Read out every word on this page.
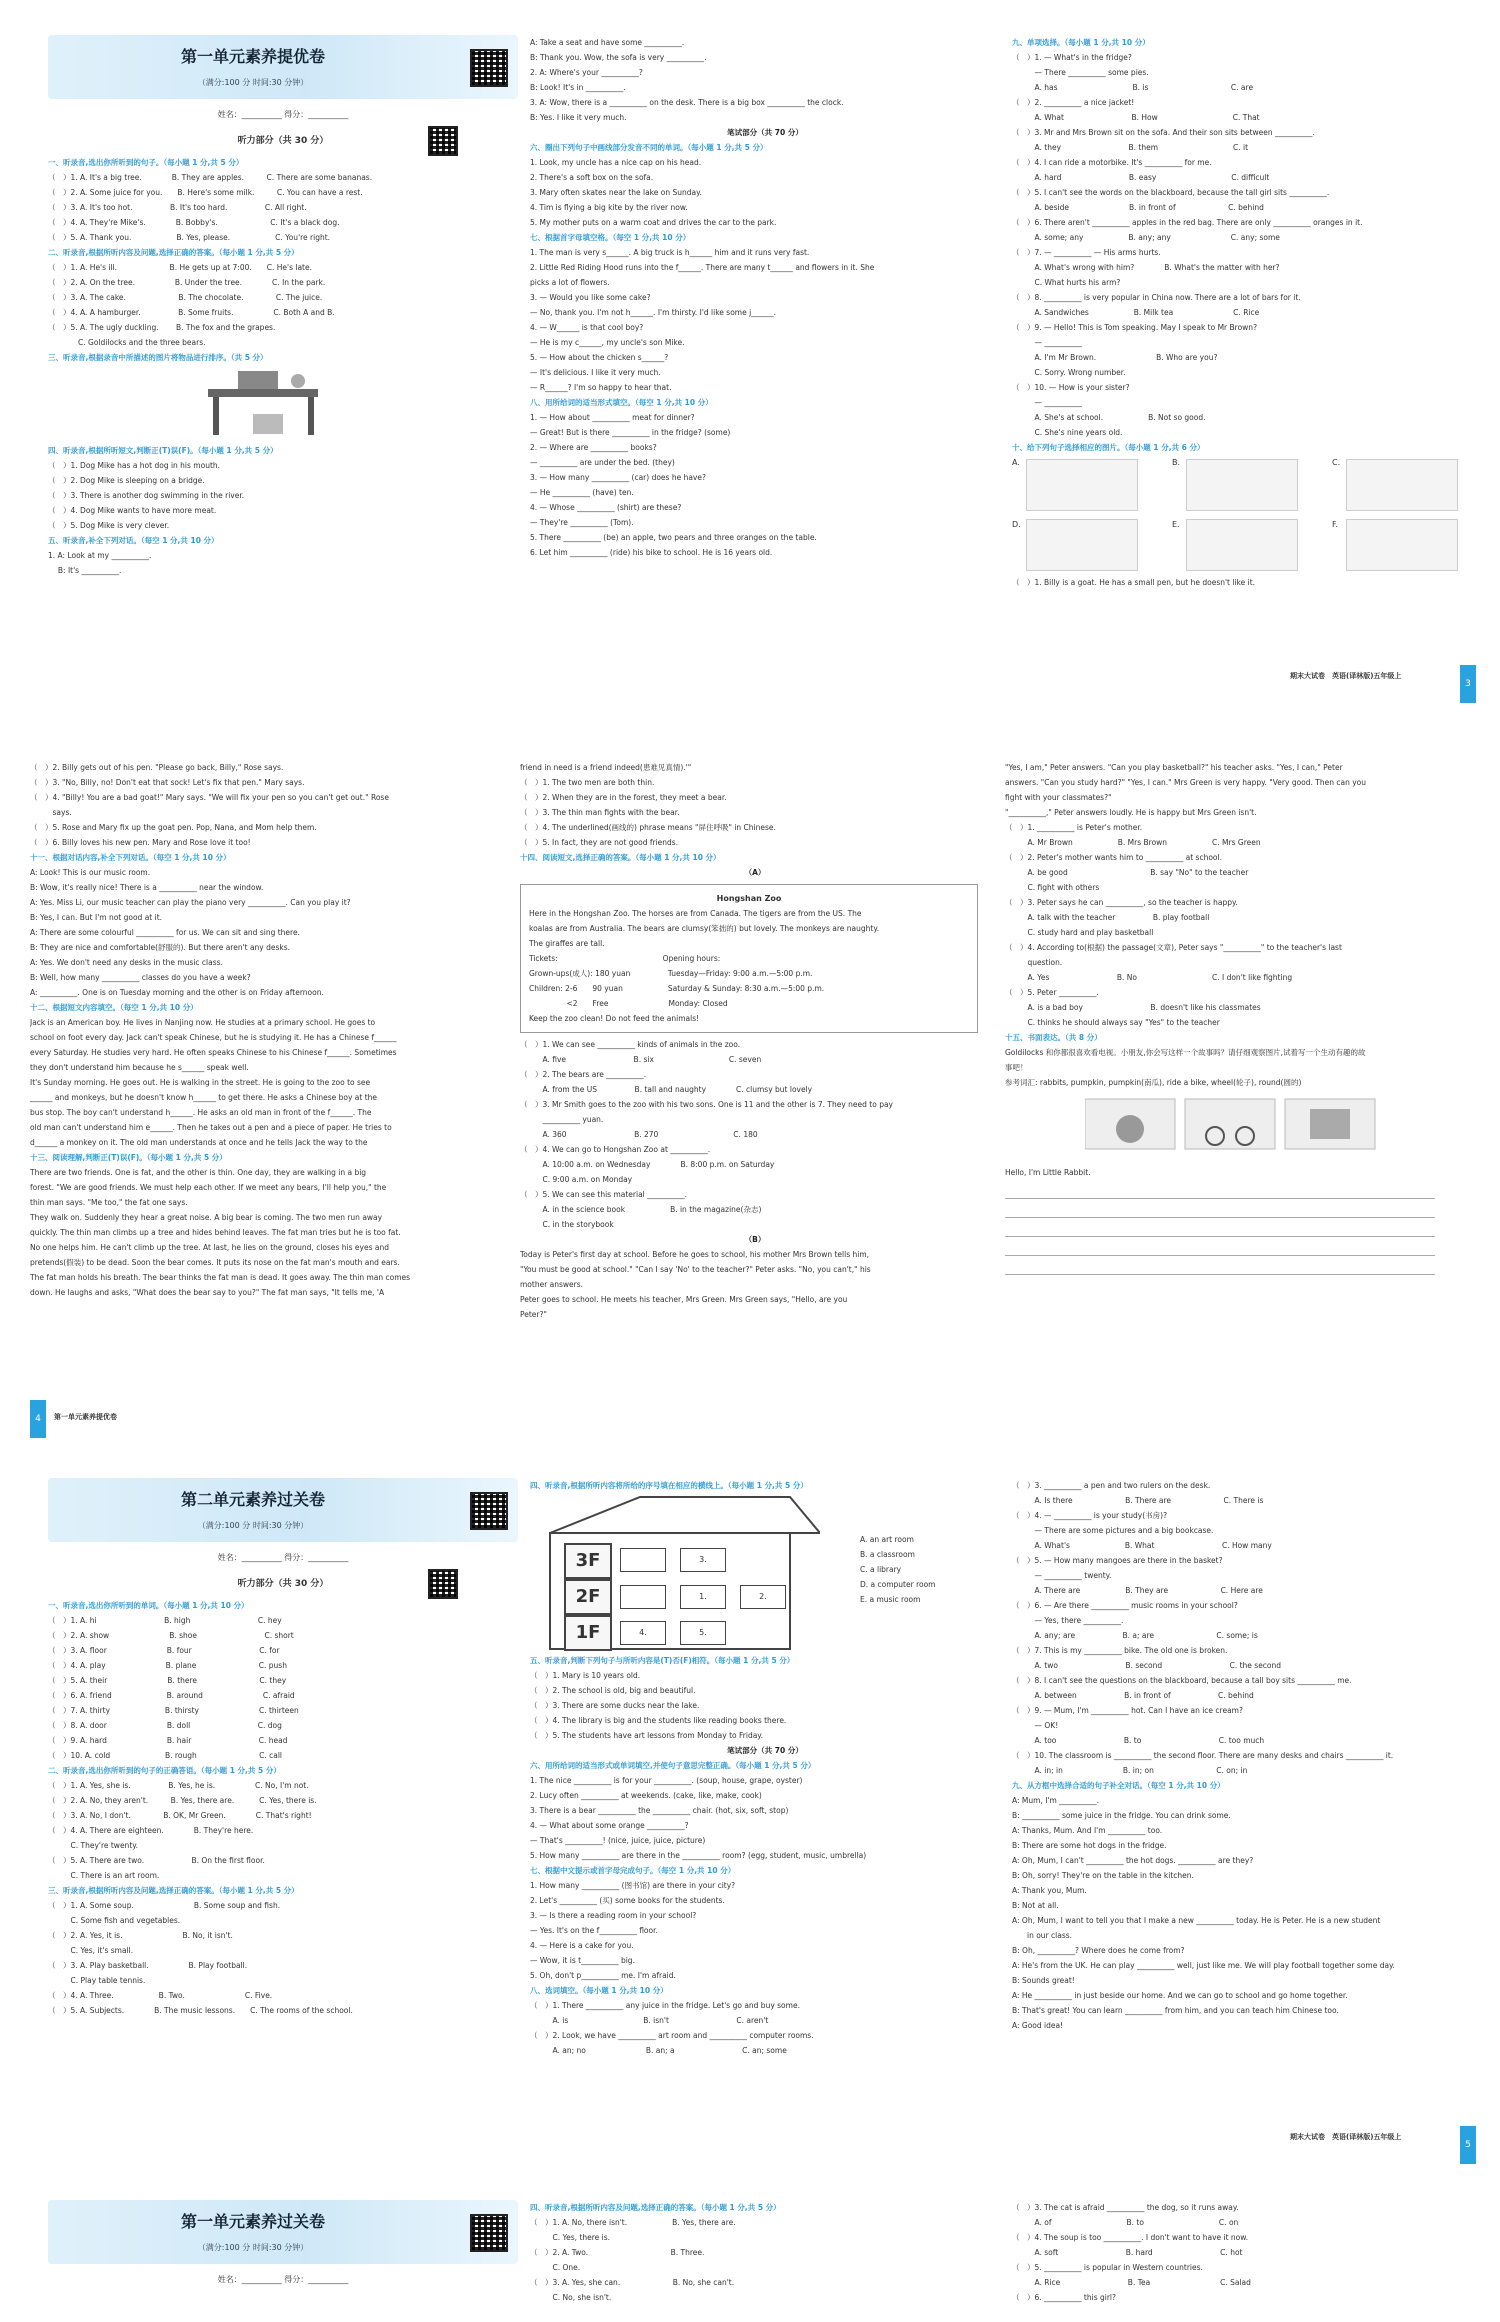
第一单元素养提优卷
（满分:100 分 时间:30 分钟）
姓名：__________ 得分：__________
听力部分（共 30 分）
一、听录音,选出你所听到的句子。（每小题 1 分,共 5 分）
（　）1. A. It's a big tree.　　　　B. They are apples.　　　C. There are some bananas.
（　）2. A. Some juice for you.　　B. Here's some milk.　　　C. You can have a rest.
（　）3. A. It's too hot.　　　　　B. It's too hard.　　　　　C. All right.
（　）4. A. They're Mike's.　　　　B. Bobby's.　　　　　　　C. It's a black dog.
（　）5. A. Thank you.　　　　　　B. Yes, please.　　　　　　C. You're right.
二、听录音,根据所听内容及问题,选择正确的答案。（每小题 1 分,共 5 分）
（　）1. A. He's ill.　　　　　　　B. He gets up at 7:00.　　C. He's late.
（　）2. A. On the tree.　　　　　 B. Under the tree.　　　　C. In the park.
（　）3. A. The cake.　　　　　　　B. The chocolate.　　　　 C. The juice.
（　）4. A. A hamburger.　　　　　B. Some fruits.　　　　　 C. Both A and B.
（　）5. A. The ugly duckling.　　 B. The fox and the grapes.
　　　　C. Goldilocks and the three bears.
三、听录音,根据录音中所描述的图片将物品进行排序。（共 5 分）
四、听录音,根据所听短文,判断正(T)误(F)。（每小题 1 分,共 5 分）
（　）1. Dog Mike has a hot dog in his mouth.
（　）2. Dog Mike is sleeping on a bridge.
（　）3. There is another dog swimming in the river.
（　）4. Dog Mike wants to have more meat.
（　）5. Dog Mike is very clever.
五、听录音,补全下列对话。（每空 1 分,共 10 分）
1. A: Look at my __________.
　 B: It's __________.
A: Take a seat and have some __________.
B: Thank you. Wow, the sofa is very __________.
2. A: Where's your __________?
B: Look! It's in __________.
3. A: Wow, there is a __________ on the desk. There is a big box __________ the clock.
B: Yes. I like it very much.
笔试部分（共 70 分）
六、圈出下列句子中画线部分发音不同的单词。（每小题 1 分,共 5 分）
1. Look, my uncle has a nice cap on his head.
2. There's a soft box on the sofa.
3. Mary often skates near the lake on Sunday.
4. Tim is flying a big kite by the river now.
5. My mother puts on a warm coat and drives the car to the park.
七、根据首字母填空格。（每空 1 分,共 10 分）
1. The man is very s______. A big truck is h______ him and it runs very fast.
2. Little Red Riding Hood runs into the f______. There are many t______ and flowers in it. She
picks a lot of flowers.
3. — Would you like some cake?
— No, thank you. I'm not h______. I'm thirsty. I'd like some j______.
4. — W______ is that cool boy?
— He is my c______, my uncle's son Mike.
5. — How about the chicken s______?
— It's delicious. I like it very much.
— R______? I'm so happy to hear that.
八、用所给词的适当形式填空。（每空 1 分,共 10 分）
1. — How about __________ meat for dinner?
— Great! But is there __________ in the fridge? (some)
2. — Where are __________ books?
— __________ are under the bed. (they)
3. — How many __________ (car) does he have?
— He __________ (have) ten.
4. — Whose __________ (shirt) are these?
— They're __________ (Tom).
5. There __________ (be) an apple, two pears and three oranges on the table.
6. Let him __________ (ride) his bike to school. He is 16 years old.
九、单项选择。（每小题 1 分,共 10 分）
（　）1. — What's in the fridge?
　　　— There __________ some pies.
　　　A. has　　　　　　　　　　B. is　　　　　　　　　　　C. are
（　）2. __________ a nice jacket!
　　　A. What　　　　　　　　　B. How　　　　　　　　　　C. That
（　）3. Mr and Mrs Brown sit on the sofa. And their son sits between __________.
　　　A. they　　　　　　　　　B. them　　　　　　　　　　C. it
（　）4. I can ride a motorbike. It's __________ for me.
　　　A. hard　　　　　　　　　B. easy　　　　　　　　　　C. difficult
（　）5. I can't see the words on the blackboard, because the tall girl sits __________.
　　　A. beside　　　　　　　　B. in front of　　　　　　　C. behind
（　）6. There aren't __________ apples in the red bag. There are only __________ oranges in it.
　　　A. some; any　　　　　　B. any; any　　　　　　　　C. any; some
（　）7. — __________ — His arms hurts.
　　　A. What's wrong with him?　　　　B. What's the matter with her?
　　　C. What hurts his arm?
（　）8. __________ is very popular in China now. There are a lot of bars for it.
　　　A. Sandwiches　　　　　　B. Milk tea　　　　　　　　C. Rice
（　）9. — Hello! This is Tom speaking. May I speak to Mr Brown?
　　　— __________
　　　A. I'm Mr Brown.　　　　　　　　B. Who are you?
　　　C. Sorry. Wrong number.
（　）10. — How is your sister?
　　　— __________
　　　A. She's at school.　　　　　　B. Not so good.
　　　C. She's nine years old.
十、给下列句子选择相应的图片。（每小题 1 分,共 6 分）
A.	B.	C.
D.	E.	F.
（　）1. Billy is a goat. He has a small pen, but he doesn't like it.
期末大试卷　英语(译林版)五年级上
3
（　）2. Billy gets out of his pen. "Please go back, Billy," Rose says.
（　）3. "No, Billy, no! Don't eat that sock! Let's fix that pen." Mary says.
（　）4. "Billy! You are a bad goat!" Mary says. "We will fix your pen so you can't get out." Rose
　　　says.
（　）5. Rose and Mary fix up the goat pen. Pop, Nana, and Mom help them.
（　）6. Billy loves his new pen. Mary and Rose love it too!
十一、根据对话内容,补全下列对话。（每空 1 分,共 10 分）
A: Look! This is our music room.
B: Wow, it's really nice! There is a __________ near the window.
A: Yes. Miss Li, our music teacher can play the piano very __________. Can you play it?
B: Yes, I can. But I'm not good at it.
A: There are some colourful __________ for us. We can sit and sing there.
B: They are nice and comfortable(舒服的). But there aren't any desks.
A: Yes. We don't need any desks in the music class.
B: Well, how many __________ classes do you have a week?
A: __________. One is on Tuesday morning and the other is on Friday afternoon.
十二、根据短文内容填空。（每空 1 分,共 10 分）
Jack is an American boy. He lives in Nanjing now. He studies at a primary school. He goes to
school on foot every day. Jack can't speak Chinese, but he is studying it. He has a Chinese f______
every Saturday. He studies very hard. He often speaks Chinese to his Chinese f______. Sometimes
they don't understand him because he s______ speak well.
It's Sunday morning. He goes out. He is walking in the street. He is going to the zoo to see
______ and monkeys, but he doesn't know h______ to get there. He asks a Chinese boy at the
bus stop. The boy can't understand h______. He asks an old man in front of the f______. The
old man can't understand him e______. Then he takes out a pen and a piece of paper. He tries to
d______ a monkey on it. The old man understands at once and he tells Jack the way to the
十三、阅读理解,判断正(T)误(F)。（每小题 1 分,共 5 分）
There are two friends. One is fat, and the other is thin. One day, they are walking in a big
forest. "We are good friends. We must help each other. If we meet any bears, I'll help you," the
thin man says. "Me too," the fat one says.
They walk on. Suddenly they hear a great noise. A big bear is coming. The two men run away
quickly. The thin man climbs up a tree and hides behind leaves. The fat man tries but he is too fat.
No one helps him. He can't climb up the tree. At last, he lies on the ground, closes his eyes and
pretends(假装) to be dead. Soon the bear comes. It puts its nose on the fat man's mouth and ears.
The fat man holds his breath. The bear thinks the fat man is dead. It goes away. The thin man comes
down. He laughs and asks, "What does the bear say to you?" The fat man says, "It tells me, 'A
4	第一单元素养提优卷
friend in need is a friend indeed(患难见真情).'"
（　）1. The two men are both thin.
（　）2. When they are in the forest, they meet a bear.
（　）3. The thin man fights with the bear.
（　）4. The underlined(画线的) phrase means "屏住呼吸" in Chinese.
（　）5. In fact, they are not good friends.
十四、阅读短文,选择正确的答案。（每小题 1 分,共 10 分）
（A）
Hongshan Zoo
Here in the Hongshan Zoo. The horses are from Canada. The tigers are from the US. The
koalas are from Australia. The bears are clumsy(笨拙的) but lovely. The monkeys are naughty.
The giraffes are tall.
Tickets:　　　　　　　　　　　　　　Opening hours:
Grown-ups(成人): 180 yuan　　　　　Tuesday—Friday: 9:00 a.m.—5:00 p.m.
Children: 2-6　　90 yuan　　　　　　Saturday & Sunday: 8:30 a.m.—5:00 p.m.
　　　　　<2　　Free　　　　　　　　Monday: Closed
Keep the zoo clean! Do not feed the animals!
（　）1. We can see __________ kinds of animals in the zoo.
　　　A. five　　　　　　　　　B. six　　　　　　　　　　C. seven
（　）2. The bears are __________.
　　　A. from the US　　　　　B. tall and naughty　　　　C. clumsy but lovely
（　）3. Mr Smith goes to the zoo with his two sons. One is 11 and the other is 7. They need to pay
　　　__________ yuan.
　　　A. 360　　　　　　　　　B. 270　　　　　　　　　　C. 180
（　）4. We can go to Hongshan Zoo at __________.
　　　A. 10:00 a.m. on Wednesday　　　　B. 8:00 p.m. on Saturday
　　　C. 9:00 a.m. on Monday
（　）5. We can see this material __________.
　　　A. in the science book　　　　　　B. in the magazine(杂志)
　　　C. in the storybook
（B）
Today is Peter's first day at school. Before he goes to school, his mother Mrs Brown tells him,
"You must be good at school." "Can I say 'No' to the teacher?" Peter asks. "No, you can't," his
mother answers.
Peter goes to school. He meets his teacher, Mrs Green. Mrs Green says, "Hello, are you
Peter?"
"Yes, I am," Peter answers. "Can you play basketball?" his teacher asks. "Yes, I can," Peter
answers. "Can you study hard?" "Yes, I can." Mrs Green is very happy. "Very good. Then can you
fight with your classmates?"
"__________," Peter answers loudly. He is happy but Mrs Green isn't.
（　）1. __________ is Peter's mother.
　　　A. Mr Brown　　　　　　B. Mrs Brown　　　　　　C. Mrs Green
（　）2. Peter's mother wants him to __________ at school.
　　　A. be good　　　　　　　　　　　B. say "No" to the teacher
　　　C. fight with others
（　）3. Peter says he can __________, so the teacher is happy.
　　　A. talk with the teacher　　　　　B. play football
　　　C. study hard and play basketball
（　）4. According to(根据) the passage(文章), Peter says "__________" to the teacher's last
　　　question.
　　　A. Yes　　　　　　　　　B. No　　　　　　　　　　C. I don't like fighting
（　）5. Peter __________.
　　　A. is a bad boy　　　　　　　　　B. doesn't like his classmates
　　　C. thinks he should always say "Yes" to the teacher
十五、书面表达。（共 8 分）
Goldilocks 和你都很喜欢看电视。小朋友,你会写这样一个故事吗？请仔细观察图片,试着写一个生动有趣的故
事吧！
参考词汇: rabbits, pumpkin, pumpkin(南瓜), ride a bike, wheel(轮子), round(圆的)
Hello, I'm Little Rabbit.
第二单元素养过关卷
（满分:100 分 时间:30 分钟）
姓名：__________ 得分：__________
听力部分（共 30 分）
一、听录音,选出你所听到的单词。（每小题 1 分,共 10 分）
（　）1. A. hi　　　　　　　　　B. high　　　　　　　　　C. hey
（　）2. A. show　　　　　　　　B. shoe　　　　　　　　　C. short
（　）3. A. floor　　　　　　　　B. four　　　　　　　　　C. for
（　）4. A. play　　　　　　　　B. plane　　　　　　　　 C. push
（　）5. A. their　　　　　　　　B. there　　　　　　　　 C. they
（　）6. A. friend　　　　　　　 B. around　　　　　　　　C. afraid
（　）7. A. thirty　　　　　　　 B. thirsty　　　　　　　　C. thirteen
（　）8. A. door　　　　　　　　B. doll　　　　　　　　　C. dog
（　）9. A. hard　　　　　　　　B. hair　　　　　　　　　C. head
（　）10. A. cold　　　　　　　 B. rough　　　　　　　　 C. call
二、听录音,选出你所听到的句子的正确答语。（每小题 1 分,共 5 分）
（　）1. A. Yes, she is.　　　　　B. Yes, he is.　　　　　 C. No, I'm not.
（　）2. A. No, they aren't.　　　B. Yes, there are.　　　 C. Yes, there is.
（　）3. A. No, I don't.　　　　 B. OK, Mr Green.　　　　C. That's right!
（　）4. A. There are eighteen.　　　　B. They're here.
　　　C. They're twenty.
（　）5. A. There are two.　　　　　　 B. On the first floor.
　　　C. There is an art room.
三、听录音,根据所听内容及问题,选择正确的答案。（每小题 1 分,共 5 分）
（　）1. A. Some soup.　　　　　　　　B. Some soup and fish.
　　　C. Some fish and vegetables.
（　）2. A. Yes, it is.　　　　　　　　B. No, it isn't.
　　　C. Yes, it's small.
（　）3. A. Play basketball.　　　　　 B. Play football.
　　　C. Play table tennis.
（　）4. A. Three.　　　　　　B. Two.　　　　　　　　C. Five.
（　）5. A. Subjects.　　　　B. The music lessons.　　C. The rooms of the school.
四、听录音,根据所听内容将所给的序号填在相应的横线上。（每小题 1 分,共 5 分）
3F
2F
1F
3.
1.
4.	5.
2.
A. an art room
B. a classroom
C. a library
D. a computer room
E. a music room
五、听录音,判断下列句子与所听内容是(T)否(F)相符。（每小题 1 分,共 5 分）
（　）1. Mary is 10 years old.
（　）2. The school is old, big and beautiful.
（　）3. There are some ducks near the lake.
（　）4. The library is big and the students like reading books there.
（　）5. The students have art lessons from Monday to Friday.
笔试部分（共 70 分）
六、用所给词的适当形式或单词填空,并使句子意思完整正确。（每小题 1 分,共 5 分）
1. The nice __________ is for your __________. (soup, house, grape, oyster)
2. Lucy often __________ at weekends. (cake, like, make, cook)
3. There is a bear __________ the __________ chair. (hot, six, soft, stop)
4. — What about some orange __________?
— That's __________! (nice, juice, juice, picture)
5. How many __________ are there in the __________ room? (egg, student, music, umbrella)
七、根据中文提示或首字母完成句子。（每空 1 分,共 10 分）
1. How many __________ (图书馆) are there in your city?
2. Let's __________ (买) some books for the students.
3. — Is there a reading room in your school?
— Yes. It's on the f__________ floor.
4. — Here is a cake for you.
— Wow, it is t__________ big.
5. Oh, don't p__________ me. I'm afraid.
八、选词填空。（每小题 1 分,共 10 分）
（　）1. There __________ any juice in the fridge. Let's go and buy some.
　　　A. is　　　　　　　　　　B. isn't　　　　　　　　　C. aren't
（　）2. Look, we have __________ art room and __________ computer rooms.
　　　A. an; no　　　　　　　　B. an; a　　　　　　　　　C. an; some
（　）3. __________ a pen and two rulers on the desk.
　　　A. Is there　　　　　　　B. There are　　　　　　　C. There is
（　）4. — __________ is your study(书房)?
　　　— There are some pictures and a big bookcase.
　　　A. What's　　　　　　　 B. What　　　　　　　　　C. How many
（　）5. — How many mangoes are there in the basket?
　　　— __________ twenty.
　　　A. There are　　　　　　B. They are　　　　　　　C. Here are
（　）6. — Are there __________ music rooms in your school?
　　　— Yes, there __________.
　　　A. any; are　　　　　　 B. a; are　　　　　　　　 C. some; is
（　）7. This is my __________ bike. The old one is broken.
　　　A. two　　　　　　　　　B. second　　　　　　　　　C. the second
（　）8. I can't see the questions on the blackboard, because a tall boy sits __________ me.
　　　A. between　　　　　　 B. in front of　　　　　　 C. behind
（　）9. — Mum, I'm __________ hot. Can I have an ice cream?
　　　— OK!
　　　A. too　　　　　　　　　B. to　　　　　　　　　　 C. too much
（　）10. The classroom is __________ the second floor. There are many desks and chairs __________ it.
　　　A. in; in　　　　　　　　B. in; on　　　　　　　　 C. on; in
九、从方框中选择合适的句子补全对话。（每空 1 分,共 10 分）
A: Mum, I'm __________.
B: __________ some juice in the fridge. You can drink some.
A: Thanks, Mum. And I'm __________ too.
B: There are some hot dogs in the fridge.
A: Oh, Mum, I can't __________ the hot dogs. __________ are they?
B: Oh, sorry! They're on the table in the kitchen.
A: Thank you, Mum.
B: Not at all.
A: Oh, Mum, I want to tell you that I make a new __________ today. He is Peter. He is a new student
　　in our class.
B: Oh, __________? Where does he come from?
A: He's from the UK. He can play __________ well, just like me. We will play football together some day.
B: Sounds great!
A: He __________ in just beside our home. And we can go to school and go home together.
B: That's great! You can learn __________ from him, and you can teach him Chinese too.
A: Good idea!
期末大试卷　英语(译林版)五年级上
5
第一单元素养过关卷
（满分:100 分 时间:30 分钟）
姓名：__________ 得分：__________
四、听录音,根据所听内容及问题,选择正确的答案。（每小题 1 分,共 5 分）
（　）1. A. No, there isn't.　　　　　　B. Yes, there are.
　　　C. Yes, there is.
（　）2. A. Two.　　　　　　　　　　　B. Three.
　　　C. One.
（　）3. A. Yes, she can.　　　　　　　B. No, she can't.
　　　C. No, she isn't.
（　）3. The cat is afraid __________ the dog, so it runs away.
　　　A. of　　　　　　　　　　B. to　　　　　　　　　　C. on
（　）4. The soup is too __________. I don't want to have it now.
　　　A. soft　　　　　　　　　B. hard　　　　　　　　　C. hot
（　）5. __________ is popular in Western countries.
　　　A. Rice　　　　　　　　　B. Tea　　　　　　　　　 C. Salad
（　）6. __________ this girl?
